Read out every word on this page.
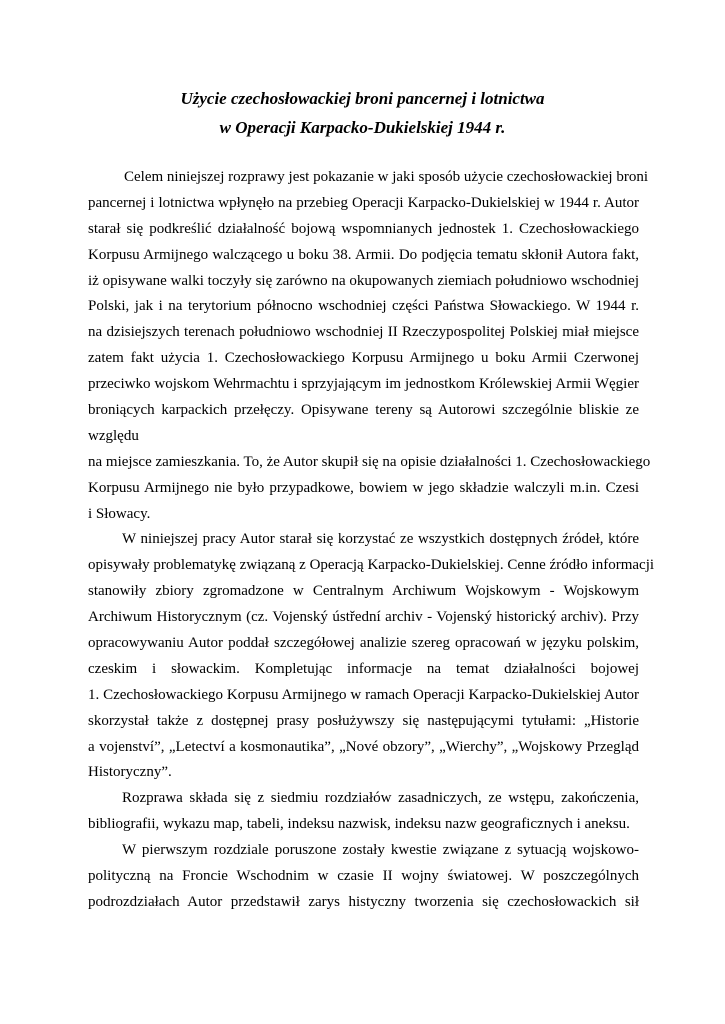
Użycie czechosłowackiej broni pancernej i lotnictwa
w Operacji Karpacko-Dukielskiej 1944 r.
Celem niniejszej rozprawy jest pokazanie w jaki sposób użycie czechosłowackiej broni
pancernej i lotnictwa wpłynęło na przebieg Operacji Karpacko-Dukielskiej w 1944 r. Autor
starał się podkreślić działalność bojową wspomnianych jednostek 1. Czechosłowackiego
Korpusu Armijnego walczącego u boku 38. Armii. Do podjęcia tematu skłonił Autora fakt,
iż opisywane walki toczyły się zarówno na okupowanych ziemiach południowo wschodniej
Polski, jak i na terytorium północno wschodniej części Państwa Słowackiego. W 1944 r.
na dzisiejszych terenach południowo wschodniej II Rzeczypospolitej Polskiej miał miejsce
zatem fakt użycia 1. Czechosłowackiego Korpusu Armijnego u boku Armii Czerwonej
przeciwko wojskom Wehrmachtu i sprzyjającym im jednostkom Królewskiej Armii Węgier
broniących karpackich przełęczy. Opisywane tereny są Autorowi szczególnie bliskie ze
względu
na miejsce zamieszkania. To, że Autor skupił się na opisie działalności 1. Czechosłowackiego
Korpusu Armijnego nie było przypadkowe, bowiem w jego składzie walczyli m.in. Czesi
i Słowacy.
W niniejszej pracy Autor starał się korzystać ze wszystkich dostępnych źródeł, które
opisywały problematykę związaną z Operacją Karpacko-Dukielskiej. Cenne źródło informacji
stanowiły zbiory zgromadzone w Centralnym Archiwum Wojskowym - Wojskowym
Archiwum Historycznym (cz. Vojenský ústřední archiv - Vojenský historický archiv). Przy
opracowywaniu Autor poddał szczegółowej analizie szereg opracowań w języku polskim,
czeskim i słowackim. Kompletując informacje na temat działalności bojowej
1. Czechosłowackiego Korpusu Armijnego w ramach Operacji Karpacko-Dukielskiej Autor
skorzystał także z dostępnej prasy posłużywszy się następującymi tytułami: „Historie
a vojenství”, „Letectví a kosmonautika”, „Nové obzory”, „Wierchy”, „Wojskowy Przegląd
Historyczny”.
Rozprawa składa się z siedmiu rozdziałów zasadniczych, ze wstępu, zakończenia,
bibliografii, wykazu map, tabeli, indeksu nazwisk, indeksu nazw geograficznych i aneksu.
W pierwszym rozdziale poruszone zostały kwestie związane z sytuacją wojskowo-
polityczną na Froncie Wschodnim w czasie II wojny światowej. W poszczególnych
podrozdziałach Autor przedstawił zarys histyczny tworzenia się czechosłowackich sił
